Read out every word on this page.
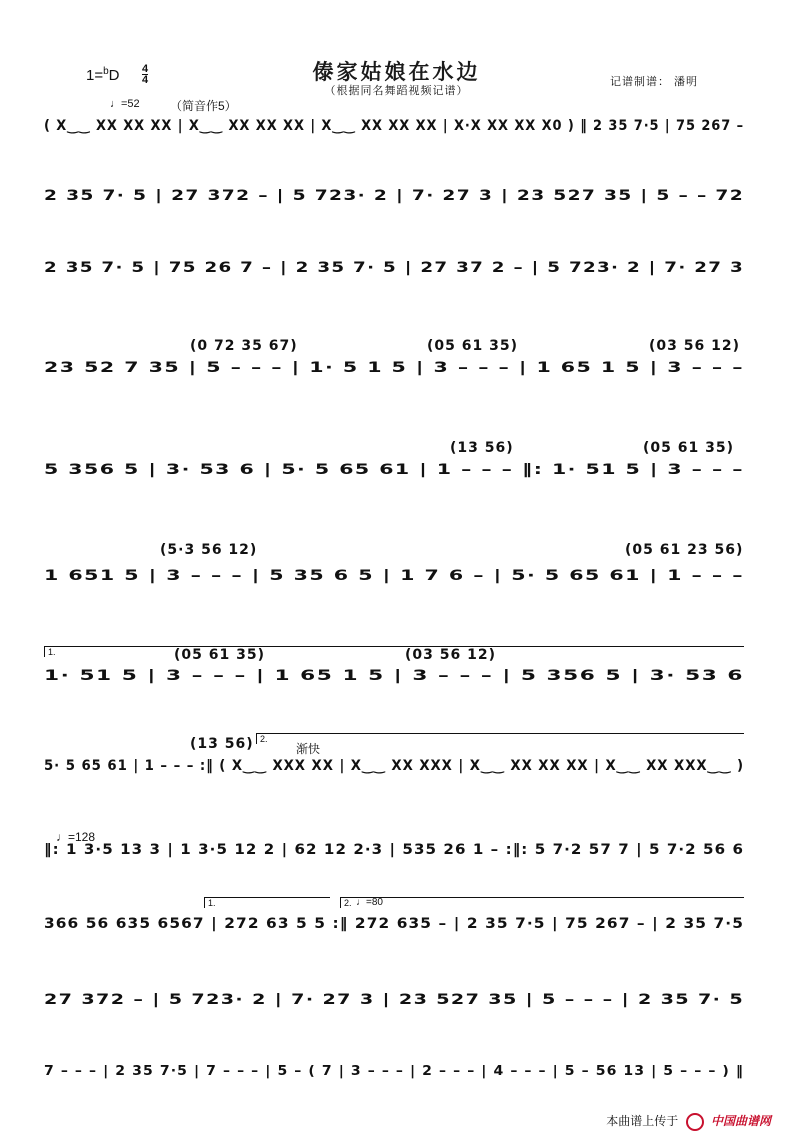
傣家姑娘在水边
（根据同名舞蹈视频记谱）
1=$^b$D 4
4
♩=52	（简音作5）
记谱制谱： 潘明
( X‿‿ XX XX XX | X‿‿ XX XX XX | X‿‿ XX XX XX | X·X XX XX X0 ) ‖ 2 35 7·5 | 75 267 –
2 35 7· 5 | 27 372 – | 5 723· 2 | 7· 27 3 | 23 527 35 | 5 – – 72
2 35 7· 5 | 75 26 7 – | 2 35 7· 5 | 27 37 2 – | 5 723· 2 | 7· 27 3
23 52 7 35 | 5 – – – | 1· 5 1 5 | 3 – – – | 1 65 1 5 | 3 – – –
5 356 5 | 3· 53 6 | 5· 5 65 61 | 1 – – – ‖: 1· 51 5 | 3 – – –
1 651 5 | 3 – – – | 5 35 6 5 | 1 7 6 – | 5· 5 65 61 | 1 – – –
1· 51 5 | 3 – – – | 1 65 1 5 | 3 – – – | 5 356 5 | 3· 53 6
5· 5 65 61 | 1 – – – :‖ ( X‿‿ XXX XX | X‿‿ XX XXX | X‿‿ XX XX XX | X‿‿ XX XXX‿‿ )
‖: 1 3·5 13 3 | 1 3·5 12 2 | 62 12 2·3 | 535 26 1 – :‖: 5 7·2 57 7 | 5 7·2 56 6
366 56 635 6567 | 272 63 5 5 :‖ 272 635 – | 2 35 7·5 | 75 267 – | 2 35 7·5
27 372 – | 5 723· 2 | 7· 27 3 | 23 527 35 | 5 – – – | 2 35 7· 5
7 – – – | 2 35 7·5 | 7 – – – | 5 – ( 7 | 3 – – – | 2 – – – | 4 – – – | 5 – 56 13 | 5 – – – ) ‖
(0 72 35 67)	(05 61 35)	(03 56 12)
(13 56)	(05 61 35)
(5·3 56 12)	(05 61 23 56)
(05 61 35)	(03 56 12)
(13 56)
1.
2.
渐快
♩=128
1.	2. ♩=80
本曲谱上传于	中国曲谱网
